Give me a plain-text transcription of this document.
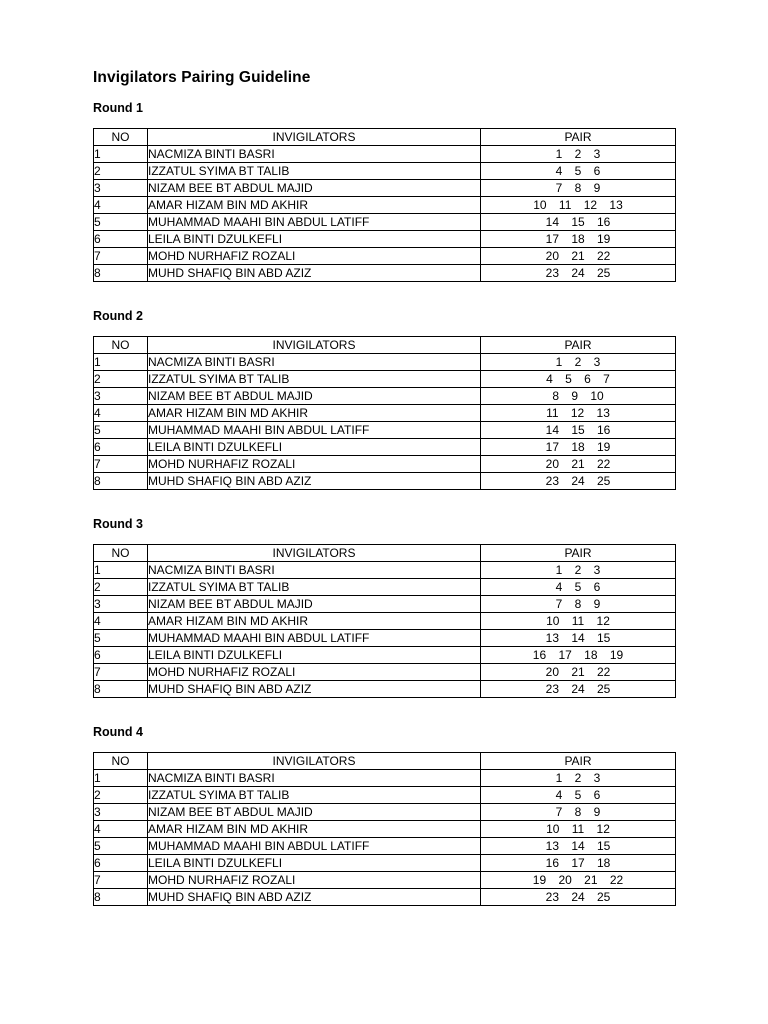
Invigilators Pairing Guideline
Round 1
NO	INVIGILATORS	PAIR
1	NACMIZA BINTI BASRI	1 2 3
2	IZZATUL SYIMA BT TALIB	4 5 6
3	NIZAM BEE BT ABDUL MAJID	7 8 9
4	AMAR HIZAM BIN MD AKHIR	10 11 12 13
5	MUHAMMAD MAAHI BIN ABDUL LATIFF	14 15 16
6	LEILA BINTI DZULKEFLI	17 18 19
7	MOHD NURHAFIZ ROZALI	20 21 22
8	MUHD SHAFIQ BIN ABD AZIZ	23 24 25
Round 2
NO	INVIGILATORS	PAIR
1	NACMIZA BINTI BASRI	1 2 3
2	IZZATUL SYIMA BT TALIB	4 5 6 7
3	NIZAM BEE BT ABDUL MAJID	8 9 10
4	AMAR HIZAM BIN MD AKHIR	11 12 13
5	MUHAMMAD MAAHI BIN ABDUL LATIFF	14 15 16
6	LEILA BINTI DZULKEFLI	17 18 19
7	MOHD NURHAFIZ ROZALI	20 21 22
8	MUHD SHAFIQ BIN ABD AZIZ	23 24 25
Round 3
NO	INVIGILATORS	PAIR
1	NACMIZA BINTI BASRI	1 2 3
2	IZZATUL SYIMA BT TALIB	4 5 6
3	NIZAM BEE BT ABDUL MAJID	7 8 9
4	AMAR HIZAM BIN MD AKHIR	10 11 12
5	MUHAMMAD MAAHI BIN ABDUL LATIFF	13 14 15
6	LEILA BINTI DZULKEFLI	16 17 18 19
7	MOHD NURHAFIZ ROZALI	20 21 22
8	MUHD SHAFIQ BIN ABD AZIZ	23 24 25
Round 4
NO	INVIGILATORS	PAIR
1	NACMIZA BINTI BASRI	1 2 3
2	IZZATUL SYIMA BT TALIB	4 5 6
3	NIZAM BEE BT ABDUL MAJID	7 8 9
4	AMAR HIZAM BIN MD AKHIR	10 11 12
5	MUHAMMAD MAAHI BIN ABDUL LATIFF	13 14 15
6	LEILA BINTI DZULKEFLI	16 17 18
7	MOHD NURHAFIZ ROZALI	19 20 21 22
8	MUHD SHAFIQ BIN ABD AZIZ	23 24 25
